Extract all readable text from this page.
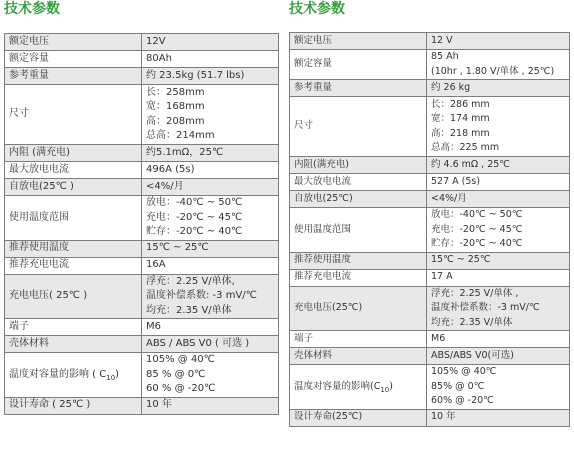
技术参数
额定电压	12V

额定容量	80Ah

参考重量	约 23.5kg (51.7 lbs)

尺寸	长：258mm
宽：168mm
高：208mm
总高：214mm

内阻 (满充电)	约5.1mΩ，25℃

最大放电电流	496A (5s)

自放电(25℃ )	<4%/月

使用温度范围	放电：-40℃ ~ 50℃
充电：-20℃ ~ 45℃
贮存：-20℃ ~ 40℃

推荐使用温度	15℃ ~ 25℃

推荐充电电流	16A

充电电压( 25℃ )	浮充：2.25 V/单体,
温度补偿系数: -3 mV/℃
均充：2.35 V/单体

端子	M6

壳体材料	ABS / ABS V0 ( 可选 )

温度对容量的影响 ( $C_{10}$)	105% @ 40℃
85 % @ 0℃
60 % @ -20℃

设计寿命 ( 25℃ )	10 年
技术参数
额定电压	12 V

额定容量	85 Ah
(10hr , 1.80 V/单体 , 25℃)

参考重量	约 26 kg

尺寸	长：286 mm
宽：174 mm
高：218 mm
总高：225 mm

内阻(满充电)	约 4.6 mΩ , 25℃

最大放电电流	527 A (5s)

自放电(25℃)	<4%/月

使用温度范围	放电：-40℃ ~ 50℃
充电：-20℃ ~ 45℃
贮存：-20℃ ~ 40℃

推荐使用温度	15℃ ~ 25℃

推荐充电电流	17 A

充电电压(25℃)	浮充：2.25 V/单体 ,
温度补偿系数：-3 mV/℃
均充：2.35 V/单体

端子	M6

壳体材料	ABS/ABS V0(可选)

温度对容量的影响$(C_{10})$	105% @ 40℃
85% @ 0℃
60% @ -20℃

设计寿命(25℃)	10 年
